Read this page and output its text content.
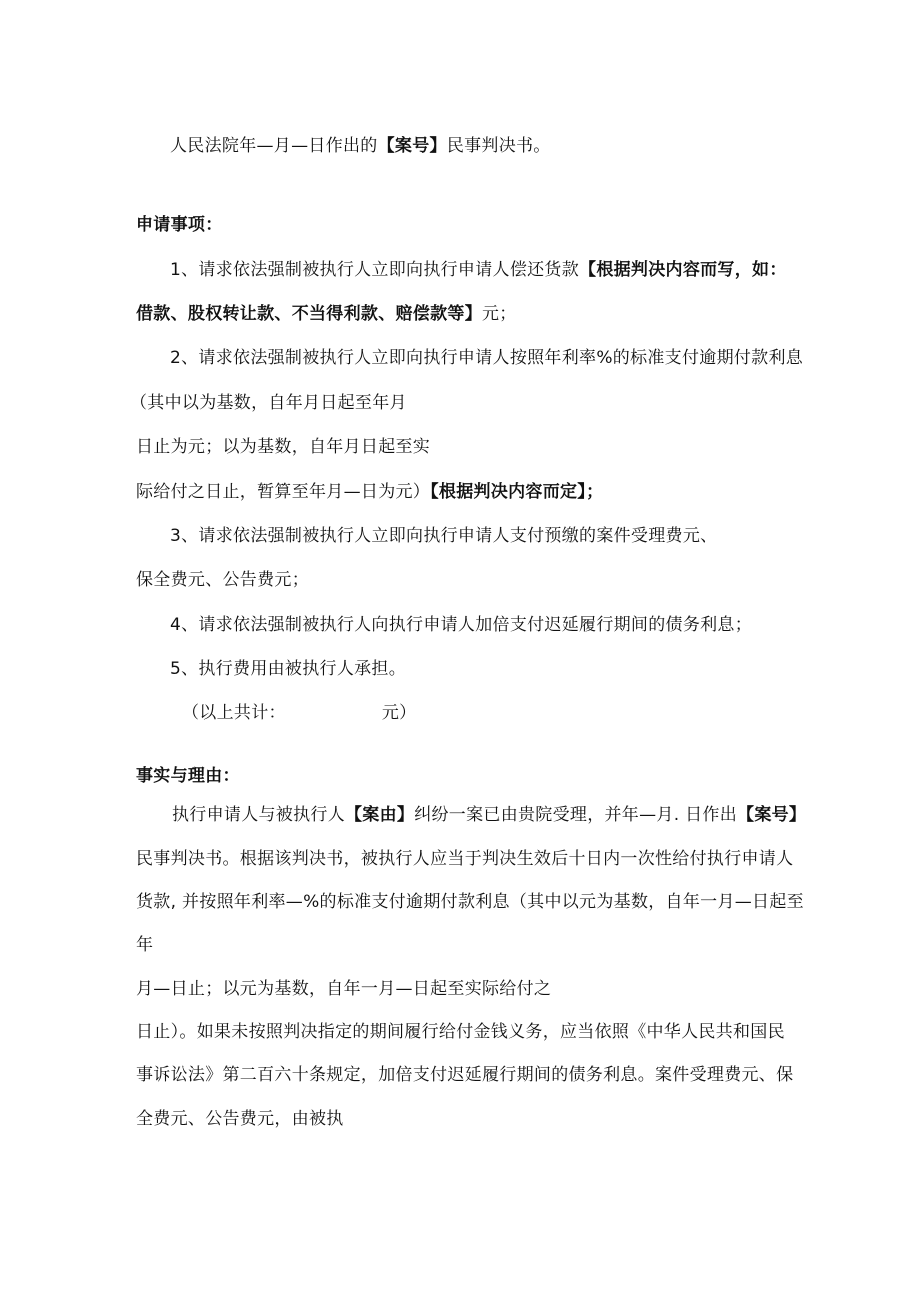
人民法院年—月—日作出的【案号】民事判决书。
申请事项：
1、请求依法强制被执行人立即向执行申请人偿还货款【根据判决内容而写，如：
借款、股权转让款、不当得利款、赔偿款等】元；
2、请求依法强制被执行人立即向执行申请人按照年利率%的标准支付逾期付款利息
（其中以为基数，自年月日起至年月
日止为元；以为基数，自年月日起至实
际给付之日止，暂算至年月—日为元）【根据判决内容而定】；
3、请求依法强制被执行人立即向执行申请人支付预缴的案件受理费元、
保全费元、公告费元；
4、请求依法强制被执行人向执行申请人加倍支付迟延履行期间的债务利息；
5、执行费用由被执行人承担。
（以上共计：	元）
事实与理由：
执行申请人与被执行人【案由】纠纷一案已由贵院受理，并年—月. 日作出【案号】
民事判决书。根据该判决书，被执行人应当于判决生效后十日内一次性给付执行申请人
货款, 并按照年利率—%的标准支付逾期付款利息（其中以元为基数，自年一月—日起至
年
月—日止；以元为基数，自年一月—日起至实际给付之
日止）。如果未按照判决指定的期间履行给付金钱义务，应当依照《中华人民共和国民
事诉讼法》第二百六十条规定，加倍支付迟延履行期间的债务利息。案件受理费元、保
全费元、公告费元，由被执
